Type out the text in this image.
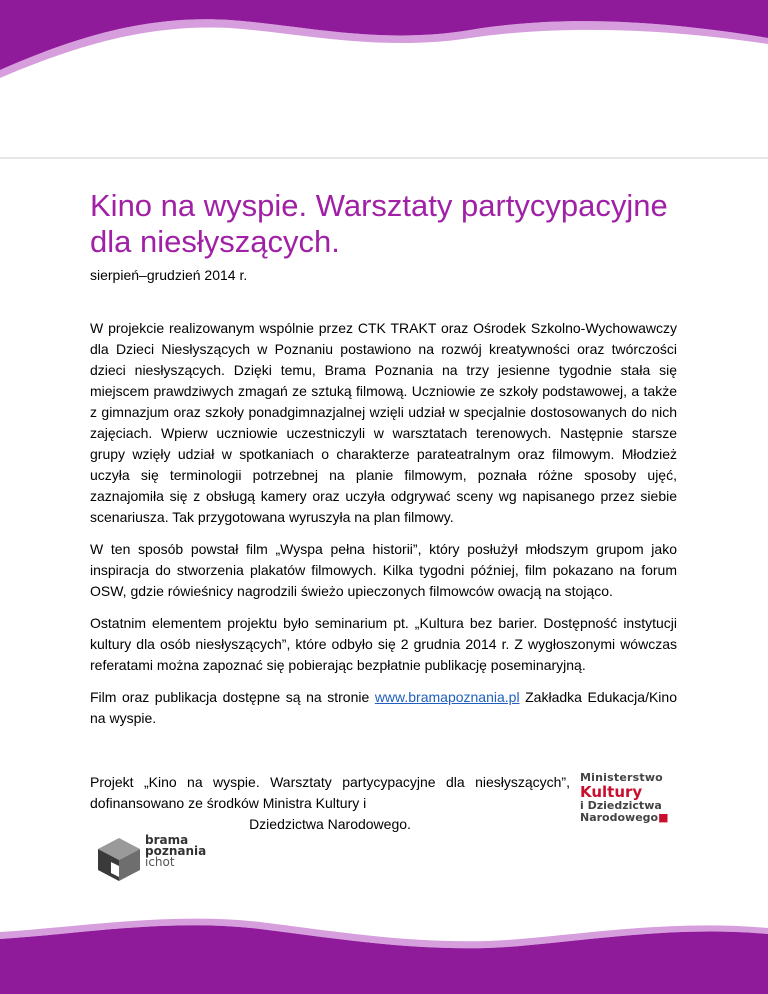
Kino na wyspie. Warsztaty partycypacyjne
dla niesłyszących.

sierpień–grudzień 2014 r.

W projekcie realizowanym wspólnie przez CTK TRAKT oraz Ośrodek Szkolno-Wychowawczy dla Dzieci Niesłyszących w Poznaniu postawiono na rozwój kreatywności oraz twórczości dzieci niesłyszących. Dzięki temu, Brama Poznania na trzy jesienne tygodnie stała się miejscem prawdziwych zmagań ze sztuką filmową. Uczniowie ze szkoły podstawowej, a także z gimnazjum oraz szkoły ponadgimnazjalnej wzięli udział w specjalnie dostosowanych do nich zajęciach. Wpierw uczniowie uczestniczyli w warsztatach terenowych. Następnie starsze grupy wzięły udział w spotkaniach o charakterze parateatralnym oraz filmowym. Młodzież uczyła się terminologii potrzebnej na planie filmowym, poznała różne sposoby ujęć, zaznajomiła się z obsługą kamery oraz uczyła odgrywać sceny wg napisanego przez siebie scenariusza. Tak przygotowana wyruszyła na plan filmowy.

W ten sposób powstał film „Wyspa pełna historii”, który posłużył młodszym grupom jako inspiracja do stworzenia plakatów filmowych. Kilka tygodni później, film pokazano na forum OSW, gdzie rówieśnicy nagrodzili świeżo upieczonych filmowców owacją na stojąco.

Ostatnim elementem projektu było seminarium pt. „Kultura bez barier. Dostępność instytucji kultury dla osób niesłyszących”, które odbyło się 2 grudnia 2014 r. Z wygłoszonymi wówczas referatami można zapoznać się pobierając bezpłatnie publikację poseminaryjną.

Film oraz publikacja dostępne są na stronie www.bramapoznania.pl Zakładka Edukacja/Kino na wyspie.

Projekt „Kino na wyspie. Warsztaty partycypacyjne dla niesłyszących”, dofinansowano ze środków Ministra Kultury i
Dziedzictwa Narodowego.
Ministerstwo
Kultury
i Dziedzictwa
Narodowego■
brama
poznania
ichot
